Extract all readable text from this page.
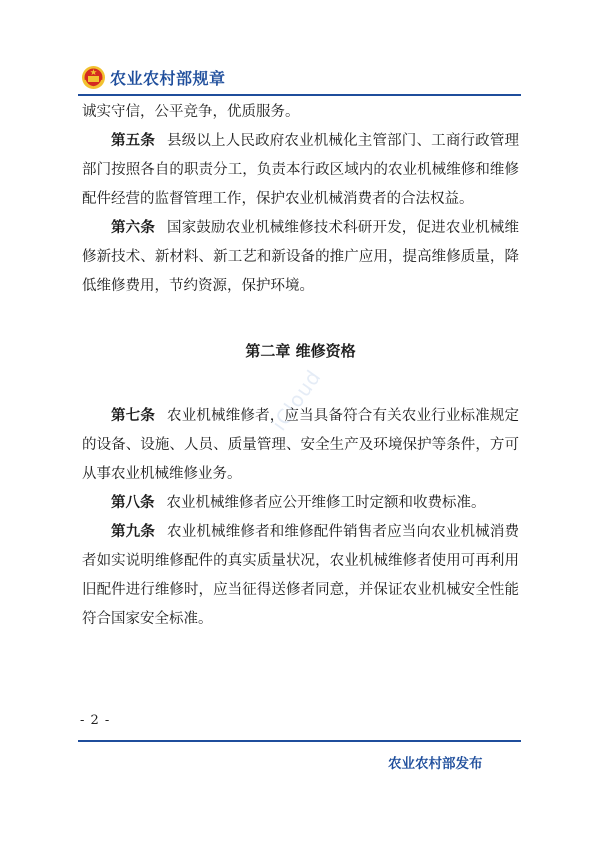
农业农村部规章
iCloud

诚实守信，公平竞争，优质服务。

第五条 县级以上人民政府农业机械化主管部门、工商行政管理部门按照各自的职责分工，负责本行政区域内的农业机械维修和维修配件经营的监督管理工作，保护农业机械消费者的合法权益。

第六条 国家鼓励农业机械维修技术科研开发，促进农业机械维修新技术、新材料、新工艺和新设备的推广应用，提高维修质量，降低维修费用，节约资源，保护环境。

第二章 维修资格

第七条 农业机械维修者，应当具备符合有关农业行业标准规定的设备、设施、人员、质量管理、安全生产及环境保护等条件，方可从事农业机械维修业务。

第八条 农业机械维修者应公开维修工时定额和收费标准。

第九条 农业机械维修者和维修配件销售者应当向农业机械消费者如实说明维修配件的真实质量状况，农业机械维修者使用可再利用旧配件进行维修时，应当征得送修者同意，并保证农业机械安全性能符合国家安全标准。

- 2 -
农业农村部发布
